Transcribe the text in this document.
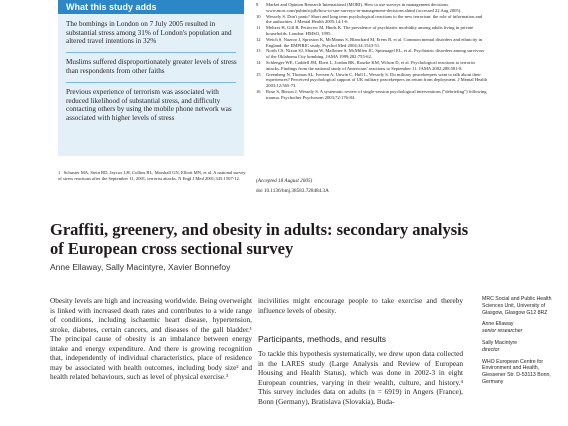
What this study adds

The bombings in London on 7 July 2005 resulted in substantial stress among 31% of London's population and altered travel intentions in 32%

Muslims suffered disproportionately greater levels of stress than respondents from other faiths

Previous experience of terrorism was associated with reduced likelihood of substantial stress, and difficulty contacting others by using the mobile phone network was associated with higher levels of stress

1 Schuster MA, Stein BD, Jaycox LH, Collins RL, Marshall GN, Elliott MN, et al. A national survey of stress reactions after the September 11, 2001, terrorist attacks. N Engl J Med 2001;345:1507-12.
9 Market and Opinion Research International (MORI). How to use surveys in management decisions. www.mori.com/pubinfo/pfb/how-to-use-surveys-in-management-decisions.shtml (accessed 22 Aug 2005).
10 Wessely S. Don't panic! Short and long term psychological reactions to the new terrorism: the role of information and the authorities. J Mental Health 2005;14:1-6.
11 Meltzer H, Gill B, Petticrew M, Hinds K. The prevalence of psychiatric morbidity among adults living in private households. London: HMSO, 1995.
12 Weich S, Nazroo J, Sproston K, McManus S, Blanchard M, Erens B, et al. Common mental disorders and ethnicity in England: the EMPIRIC study. Psychol Med 2004;34:1543-51.
13 North CS, Nixon SJ, Shariat W, Mallonee S, McMillen JC, Spitznagel EL, et al. Psychiatric disorders among survivors of the Oklahoma City bombing. JAMA 1999;282:755-62.
14 Schlenger WE, Caddell JM, Ebert L, Jordan BK, Rourke KM, Wilson D, et al. Psychological reactions to terrorist attacks. Findings from the national study of Americans' reactions to September 11. JAMA 2002;288:581-8.
15 Greenberg N, Thomas SL, Iversen A, Unwin C, Hull L, Wessely S. Do military peacekeepers want to talk about their experiences? Perceived psychological support of UK military peacekeepers on return from deployment. J Mental Health 2003;12:565-73.
16 Rose S, Bisson J, Wessely S. A systematic review of single-session psychological interventions ("debriefing") following trauma. Psychother Psychosom 2003;72:176-84.
(Accepted 18 August 2005)
doi 10.1136/bmj.38583.728484.3A
Graffiti, greenery, and obesity in adults: secondary analysis of European cross sectional survey
Anne Ellaway, Sally Macintyre, Xavier Bonnefoy

Obesity levels are high and increasing worldwide. Being overweight is linked with increased death rates and contributes to a wide range of conditions, including ischaemic heart disease, hypertension, stroke, diabetes, certain cancers, and diseases of the gall bladder.¹ The principal cause of obesity is an imbalance between energy intake and energy expenditure. And there is growing recognition that, independently of individual characteristics, place of residence may be associated with health outcomes, including body size² and health related behaviours, such as level of physical exercise.³

incivilities might encourage people to take exercise and thereby influence levels of obesity.

Participants, methods, and results

To tackle this hypothesis systematically, we drew upon data collected in the LARES study (Large Analysis and Review of European Housing and Health Status), which was done in 2002-3 in eight European countries, varying in their wealth, culture, and history.⁴ This survey includes data on adults (n = 6919) in Angers (France), Bonn (Germany), Bratislava (Slovakia), Buda-

MRC Social and Public Health Sciences Unit, University of Glasgow, Glasgow G12 8RZ

Anne Ellaway
senior researcher

Sally Macintyre
director

WHO European Centre for Environment and Health, Giessener Str. D-53113 Bonn, Germany
